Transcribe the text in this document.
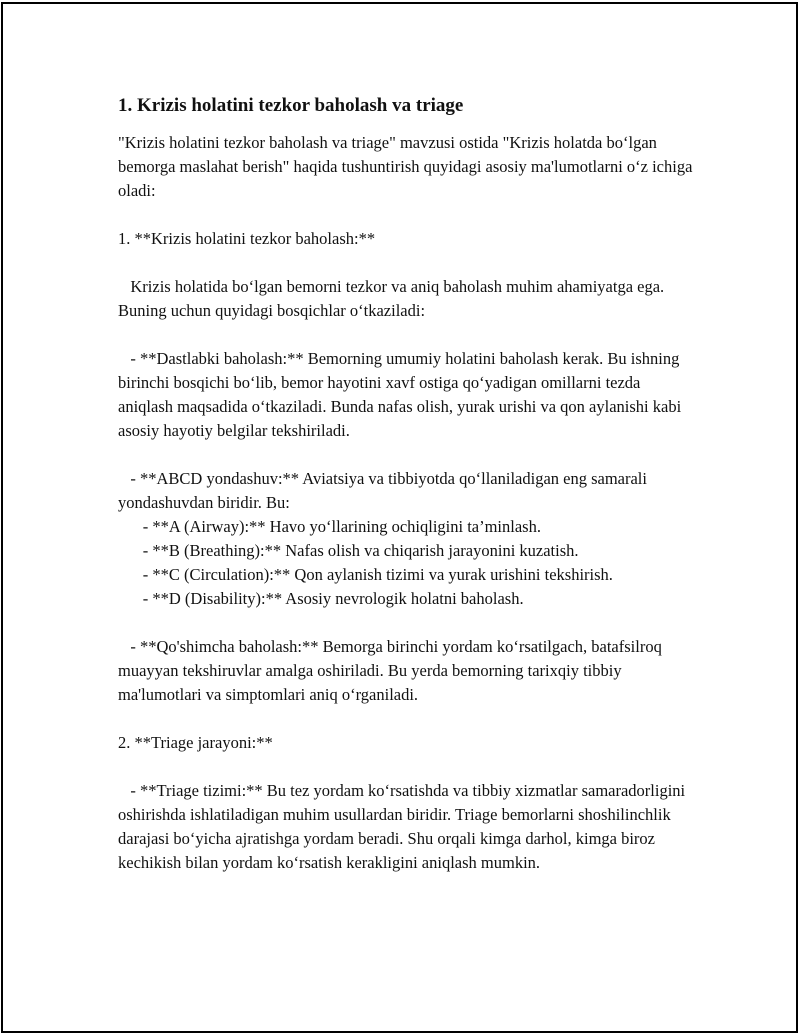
1. Krizis holatini tezkor baholash va triage

"Krizis holatini tezkor baholash va triage" mavzusi ostida "Krizis holatda bo‘lgan bemorga maslahat berish" haqida tushuntirish quyidagi asosiy ma'lumotlarni o‘z ichiga oladi:

1. **Krizis holatini tezkor baholash:**

Krizis holatida bo‘lgan bemorni tezkor va aniq baholash muhim ahamiyatga ega. Buning uchun quyidagi bosqichlar o‘tkaziladi:

- **Dastlabki baholash:** Bemorning umumiy holatini baholash kerak. Bu ishning birinchi bosqichi bo‘lib, bemor hayotini xavf ostiga qo‘yadigan omillarni tezda aniqlash maqsadida o‘tkaziladi. Bunda nafas olish, yurak urishi va qon aylanishi kabi asosiy hayotiy belgilar tekshiriladi.

- **ABCD yondashuv:** Aviatsiya va tibbiyotda qo‘llaniladigan eng samarali yondashuvdan biridir. Bu:
- **A (Airway):** Havo yo‘llarining ochiqligini ta’minlash.
- **B (Breathing):** Nafas olish va chiqarish jarayonini kuzatish.
- **C (Circulation):** Qon aylanish tizimi va yurak urishini tekshirish.
- **D (Disability):** Asosiy nevrologik holatni baholash.

- **Qo'shimcha baholash:** Bemorga birinchi yordam ko‘rsatilgach, batafsilroq muayyan tekshiruvlar amalga oshiriladi. Bu yerda bemorning tarixqiy tibbiy ma'lumotlari va simptomlari aniq o‘rganiladi.

2. **Triage jarayoni:**

- **Triage tizimi:** Bu tez yordam ko‘rsatishda va tibbiy xizmatlar samaradorligini oshirishda ishlatiladigan muhim usullardan biridir. Triage bemorlarni shoshilinchlik darajasi bo‘yicha ajratishga yordam beradi. Shu orqali kimga darhol, kimga biroz kechikish bilan yordam ko‘rsatish kerakligini aniqlash mumkin.
